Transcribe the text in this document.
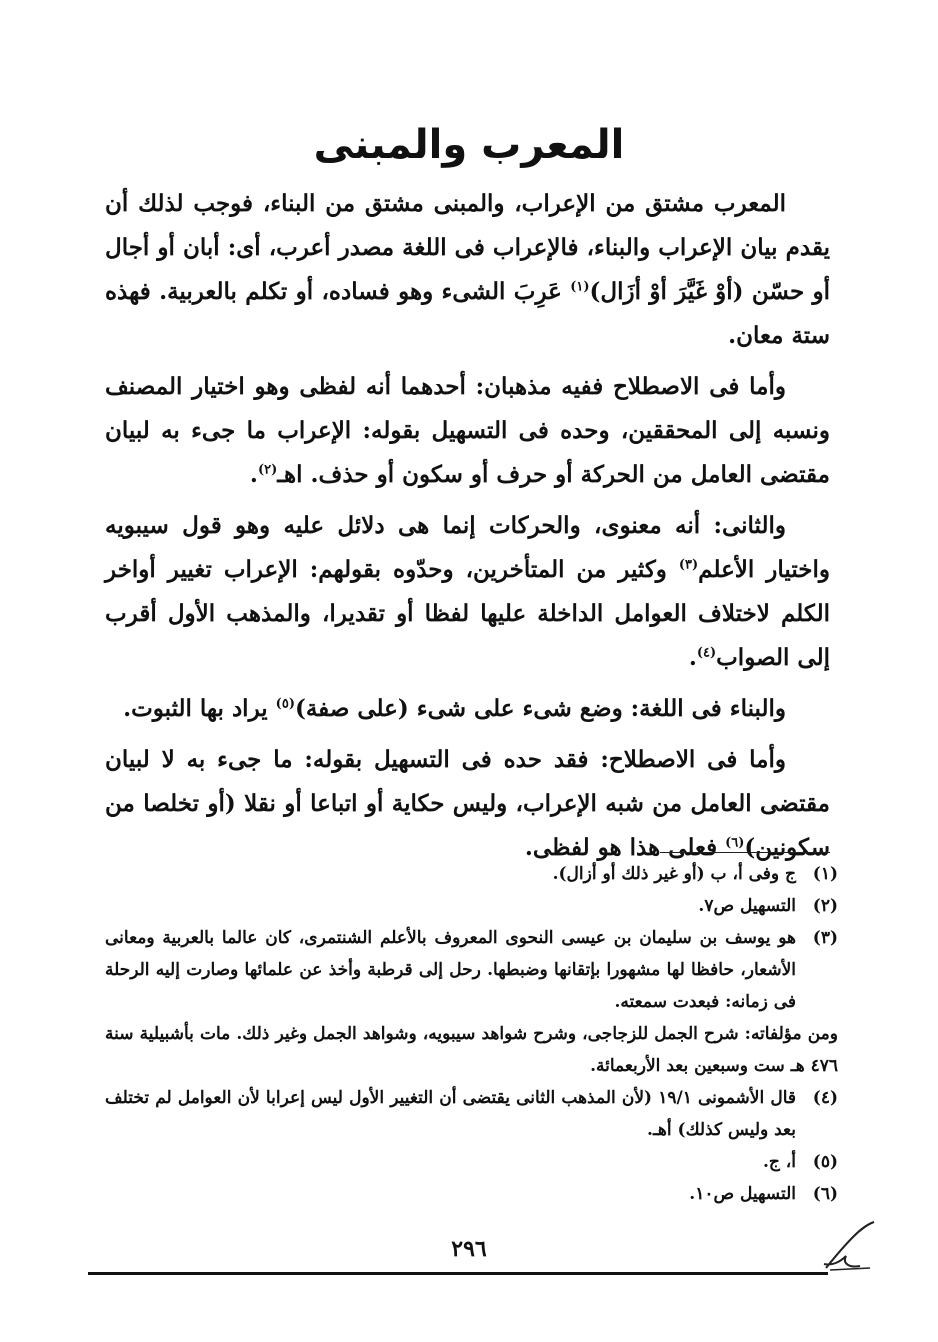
المعرب والمبنى

المعرب مشتق من الإعراب، والمبنى مشتق من البناء، فوجب لذلك أن يقدم بيان الإعراب والبناء، فالإعراب فى اللغة مصدر أعرب، أى: أبان أو أجال أو حسّن (أوْ غَيَّرَ أوْ أزَال)$^{(١)}$ عَرِبَ الشىء وهو فساده، أو تكلم بالعربية. فهذه ستة معان.

وأما فى الاصطلاح ففيه مذهبان: أحدهما أنه لفظى وهو اختيار المصنف ونسبه إلى المحققين، وحده فى التسهيل بقوله: الإعراب ما جىء به لبيان مقتضى العامل من الحركة أو حرف أو سكون أو حذف. اهـ$^{(٢)}$.

والثانى: أنه معنوى، والحركات إنما هى دلائل عليه وهو قول سيبويه واختيار الأعلم$^{(٣)}$ وكثير من المتأخرين، وحدّوه بقولهم: الإعراب تغيير أواخر الكلم لاختلاف العوامل الداخلة عليها لفظا أو تقديرا، والمذهب الأول أقرب إلى الصواب$^{(٤)}$.

والبناء فى اللغة: وضع شىء على شىء (على صفة)$^{(٥)}$ يراد بها الثبوت.

وأما فى الاصطلاح: فقد حده فى التسهيل بقوله: ما جىء به لا لبيان مقتضى العامل من شبه الإعراب، وليس حكاية أو اتباعا أو نقلا (أو تخلصا من سكونين)$^{(٦)}$ فعلى هذا هو لفظى.

(١)
ج وفى أ، ب (أو غير ذلك أو أزال).

(٢)
التسهيل ص٧.

(٣)
هو يوسف بن سليمان بن عيسى النحوى المعروف بالأعلم الشنتمرى، كان عالما بالعربية ومعانى الأشعار، حافظا لها مشهورا بإتقانها وضبطها. رحل إلى قرطبة وأخذ عن علمائها وصارت إليه الرحلة فى زمانه: فبعدت سمعته.

ومن مؤلفاته: شرح الجمل للزجاجى، وشرح شواهد سيبويه، وشواهد الجمل وغير ذلك. مات بأشبيلية سنة ٤٧٦ هـ ست وسبعين بعد الأربعمائة.

(٤)
قال الأشمونى ١٩/١ (لأن المذهب الثانى يقتضى أن التغيير الأول ليس إعرابا لأن العوامل لم تختلف بعد وليس كذلك) أهـ.

(٥)
أ، ج.

(٦)
التسهيل ص١٠.

٢٩٦
